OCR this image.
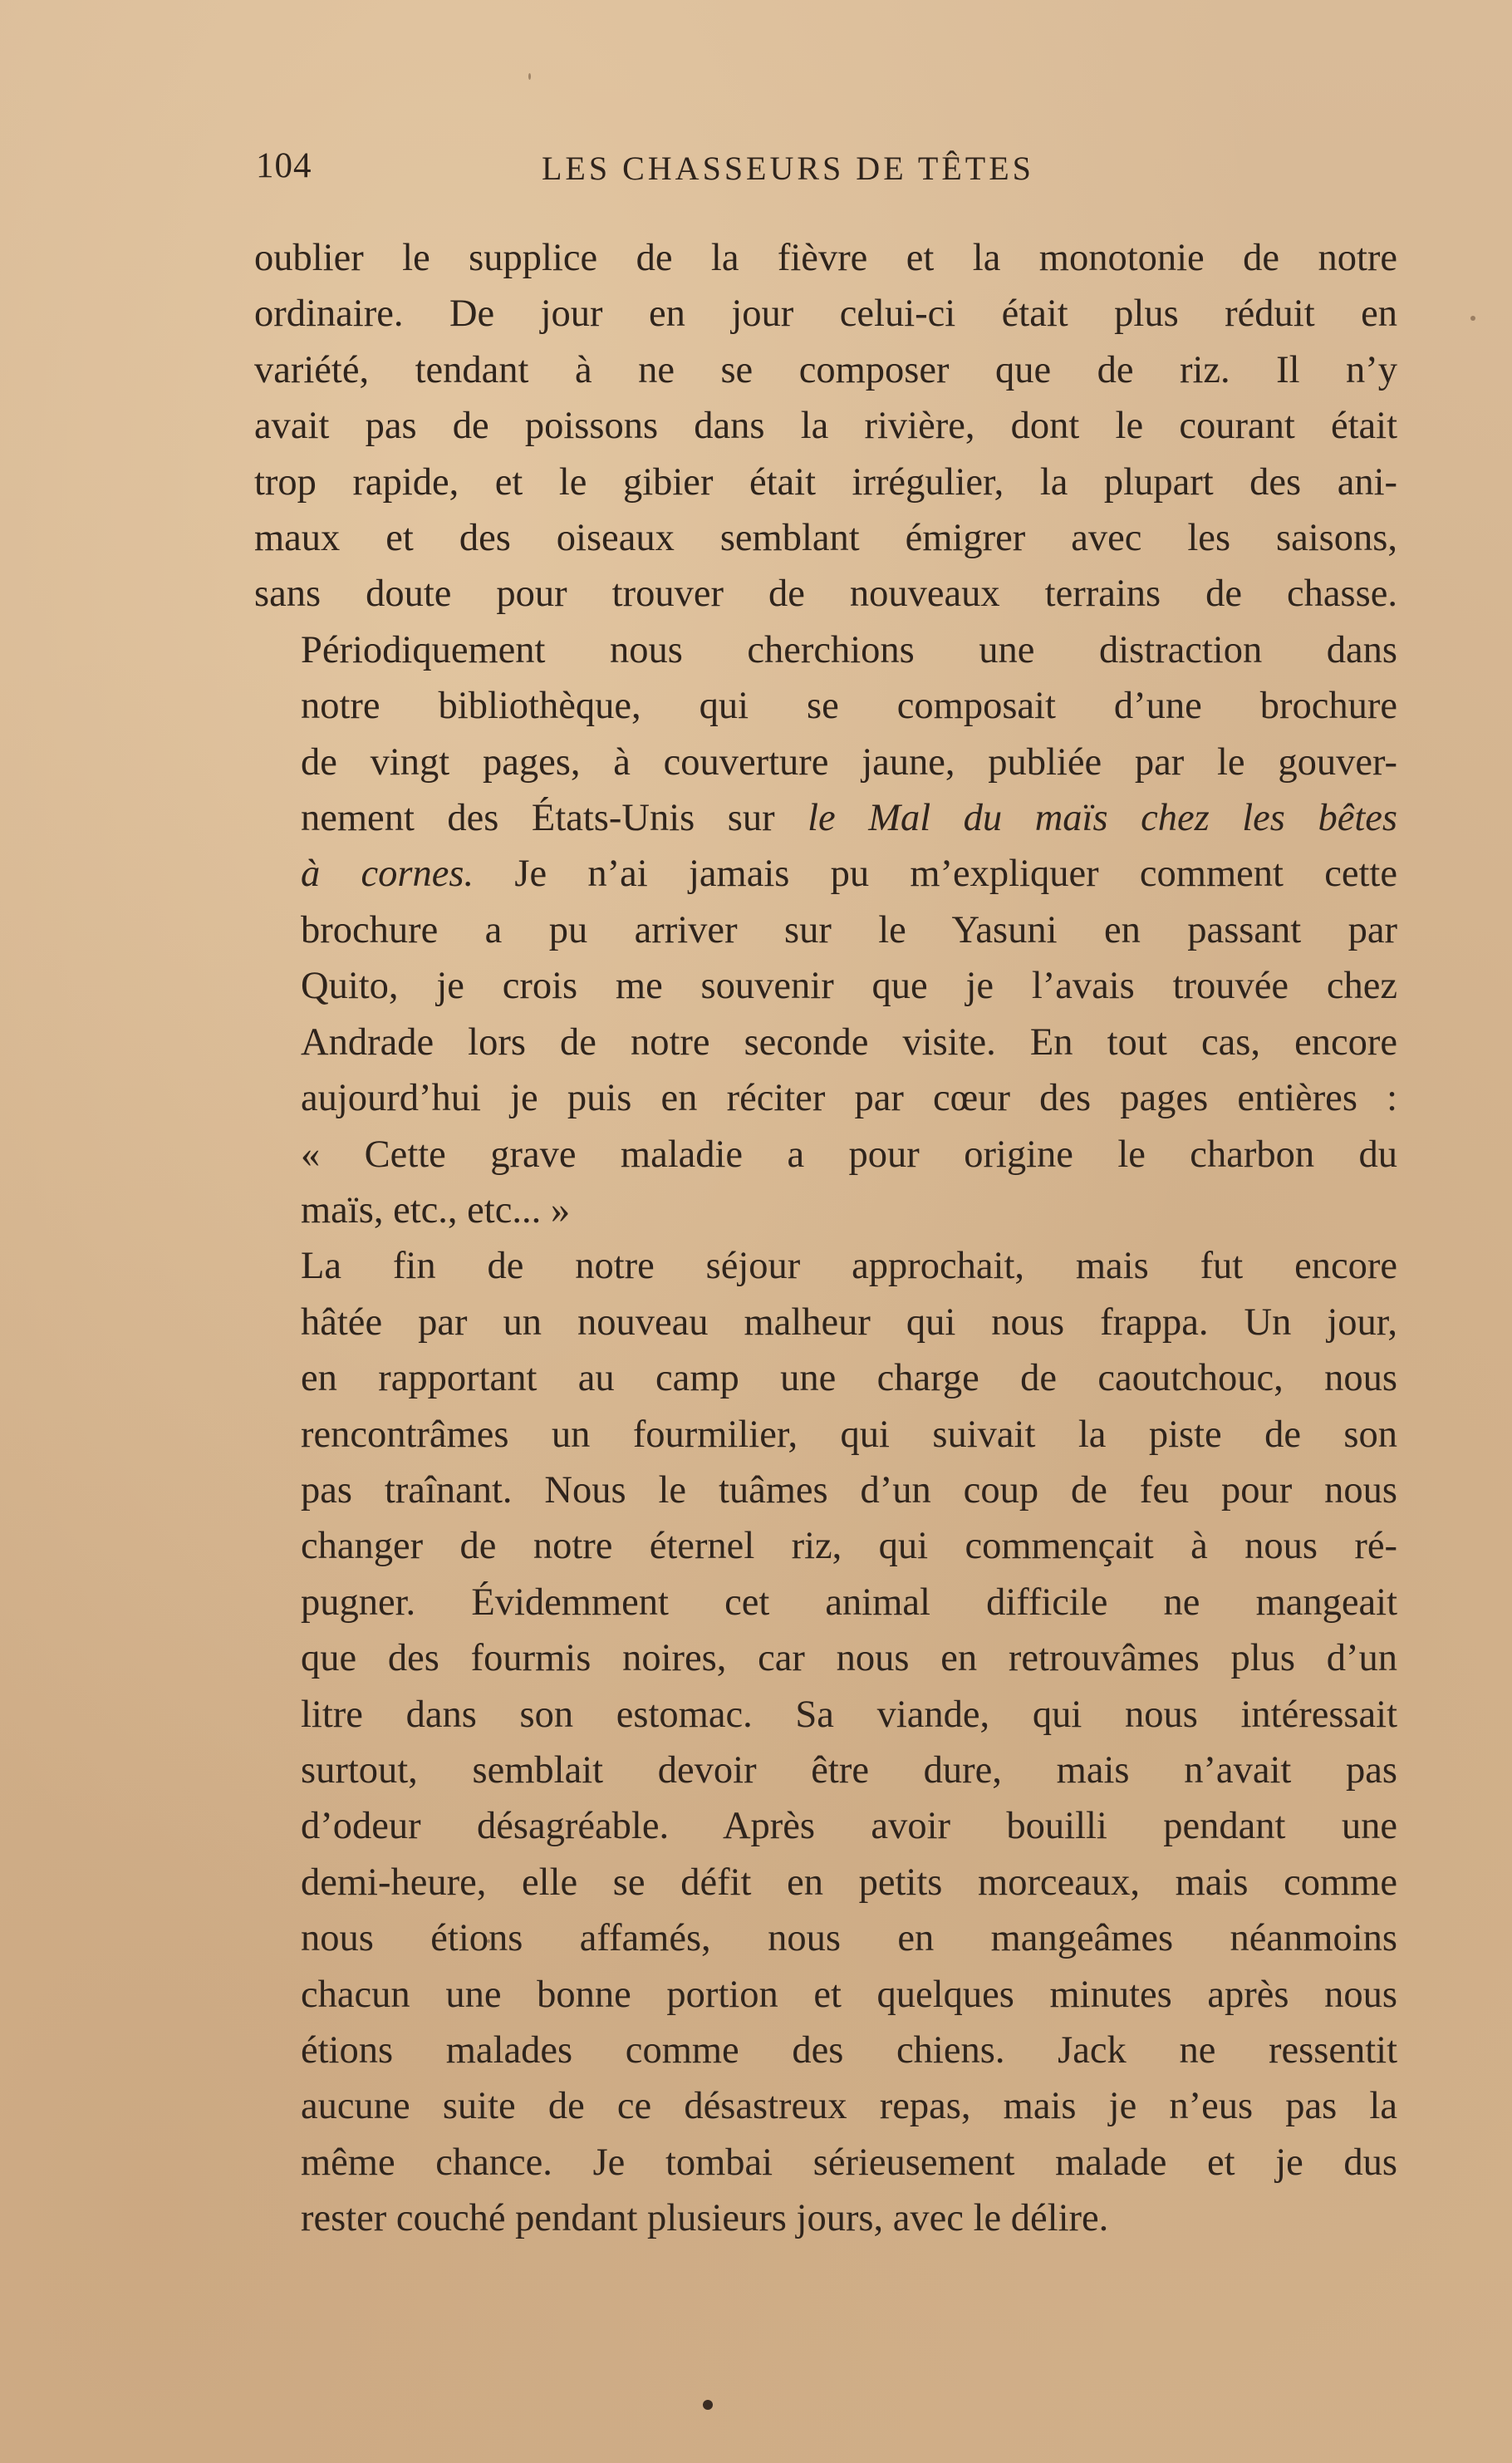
104	LES CHASSEURS DE TÊTES

oublier le supplice de la fièvre et la monotonie de notre
ordinaire. De jour en jour celui-ci était plus réduit en
variété, tendant à ne se composer que de riz. Il n’y
avait pas de poissons dans la rivière, dont le courant était
trop rapide, et le gibier était irrégulier, la plupart des ani-
maux et des oiseaux semblant émigrer avec les saisons,
sans doute pour trouver de nouveaux terrains de chasse.

Périodiquement nous cherchions une distraction dans
notre bibliothèque, qui se composait d’une brochure
de vingt pages, à couverture jaune, publiée par le gouver-
nement des États-Unis sur le Mal du maïs chez les bêtes
à cornes. Je n’ai jamais pu m’expliquer comment cette
brochure a pu arriver sur le Yasuni en passant par
Quito, je crois me souvenir que je l’avais trouvée chez
Andrade lors de notre seconde visite. En tout cas, encore
aujourd’hui je puis en réciter par cœur des pages entières :
« Cette grave maladie a pour origine le charbon du
maïs, etc., etc... »

La fin de notre séjour approchait, mais fut encore
hâtée par un nouveau malheur qui nous frappa. Un jour,
en rapportant au camp une charge de caoutchouc, nous
rencontrâmes un fourmilier, qui suivait la piste de son
pas traînant. Nous le tuâmes d’un coup de feu pour nous
changer de notre éternel riz, qui commençait à nous ré-
pugner. Évidemment cet animal difficile ne mangeait
que des fourmis noires, car nous en retrouvâmes plus d’un
litre dans son estomac. Sa viande, qui nous intéressait
surtout, semblait devoir être dure, mais n’avait pas
d’odeur désagréable. Après avoir bouilli pendant une
demi-heure, elle se défit en petits morceaux, mais comme
nous étions affamés, nous en mangeâmes néanmoins
chacun une bonne portion et quelques minutes après nous
étions malades comme des chiens. Jack ne ressentit
aucune suite de ce désastreux repas, mais je n’eus pas la
même chance. Je tombai sérieusement malade et je dus
rester couché pendant plusieurs jours, avec le délire.
